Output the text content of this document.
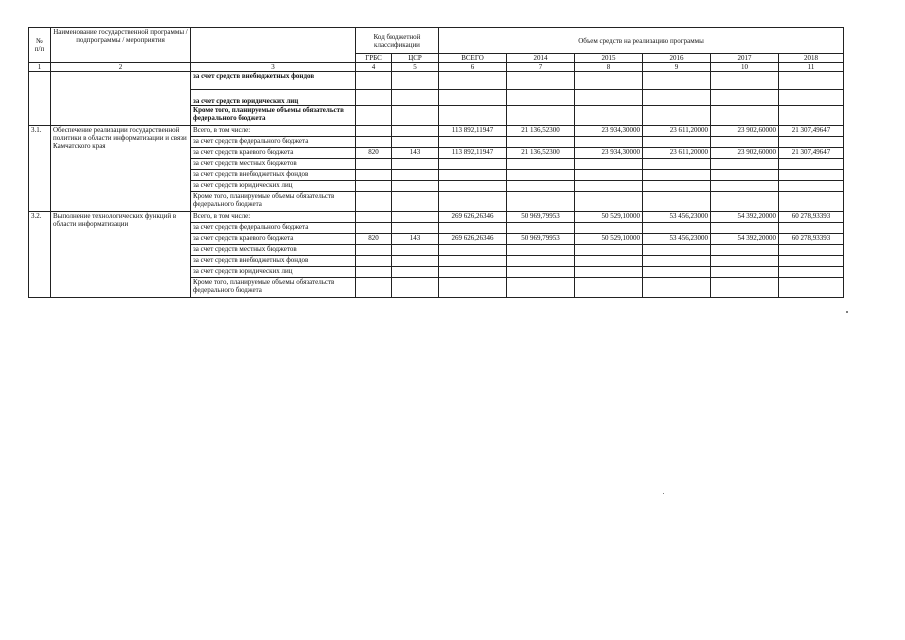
№
п/п	Наименование государственной программы / подпрограммы / мероприятия		Код бюджетной классификации		Объем средств на реализацию программы					
			ГРБС	ЦСР	ВСЕГО	2014	2015	2016	2017	2018
1	2	3	4	5	6	7	8	9	10	11
		за счет средств внебюджетных фондов								
		за счет средств юридических лиц								
		Кроме того, планируемые объемы обязательств федерального бюджета								
3.1.	Обеспечение реализации государственной политики в области информатизации и связи Камчатского края	Всего, в том числе:			113 892,11947	21 136,52300	23 934,30000	23 611,20000	23 902,60000	21 307,49647
		за счет средств федерального бюджета								
		за счет средств краевого бюджета	820	143	113 892,11947	21 136,52300	23 934,30000	23 611,20000	23 902,60000	21 307,49647
		за счет средств местных бюджетов								
		за счет средств внебюджетных фондов								
		за счет средств юридических лиц								
		Кроме того, планируемые объемы обязательств федерального бюджета								
3.2.	Выполнение технологических функций в области информатизации	Всего, в том числе:			269 626,26346	50 969,79953	50 529,10000	53 456,23000	54 392,20000	60 278,93393
		за счет средств федерального бюджета								
		за счет средств краевого бюджета	820	143	269 626,26346	50 969,79953	50 529,10000	53 456,23000	54 392,20000	60 278,93393
		за счет средств местных бюджетов								
		за счет средств внебюджетных фондов								
		за счет средств юридических лиц								
		Кроме того, планируемые объемы обязательств федерального бюджета								
